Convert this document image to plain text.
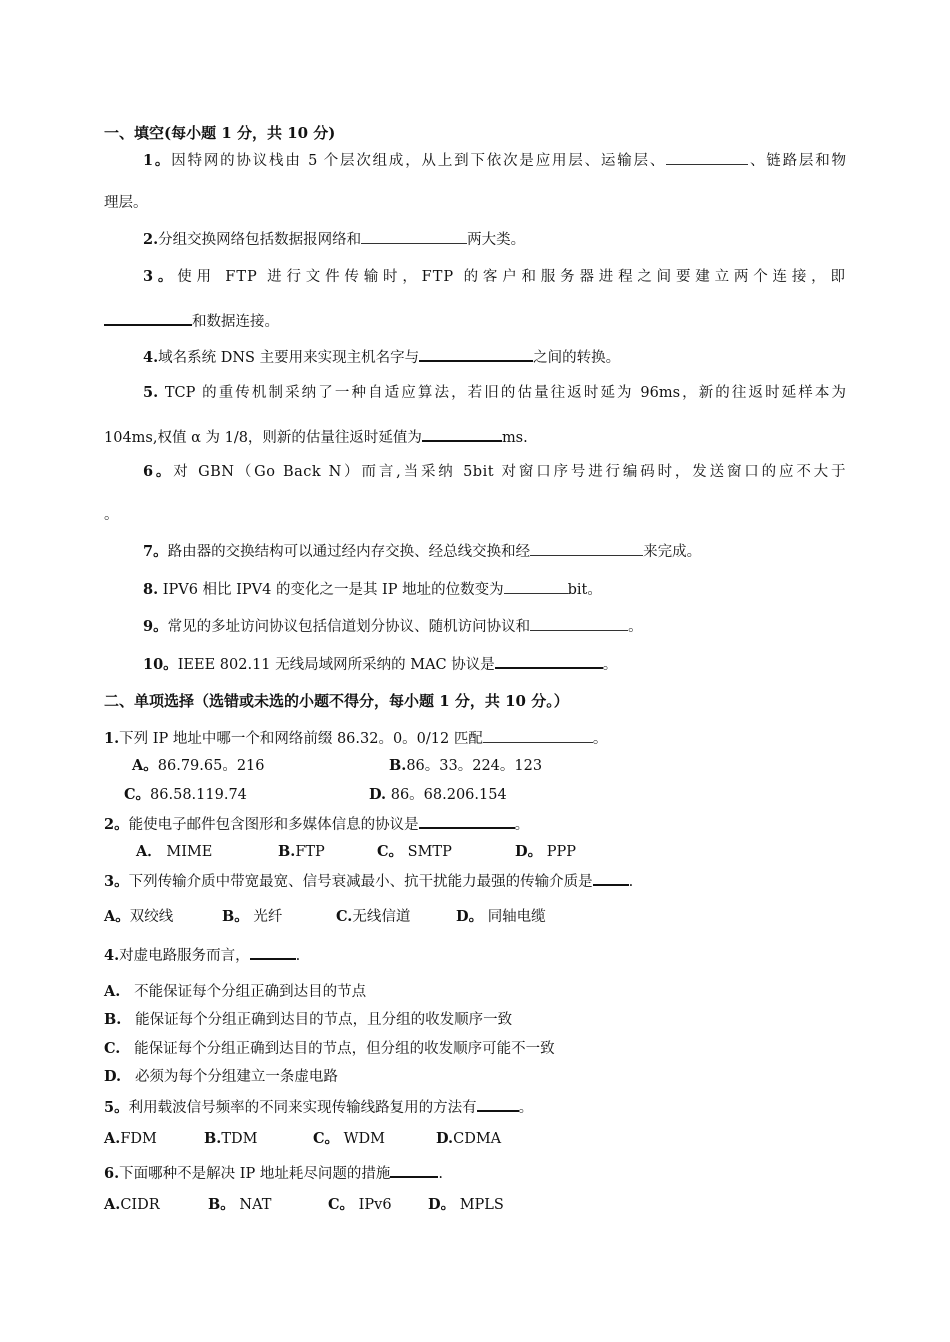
一、填空(每小题 1 分，共 10 分)
1。因特网的协议栈由 5 个层次组成，从上到下依次是应用层、运输层、	、链路层和物
理层。
2.分组交换网络包括数据报网络和	两大类。
3。使用 FTP 进行文件传输时，FTP 的客户和服务器进程之间要建立两个连接，即
和数据连接。
4.域名系统 DNS 主要用来实现主机名字与	之间的转换。
5. TCP 的重传机制采纳了一种自适应算法，若旧的估量往返时延为 96ms，新的往返时延样本为
104ms,权值 α 为 1/8，则新的估量往返时延值为	ms.
6。对 GBN（Go Back N）而言,当采纳 5bit 对窗口序号进行编码时，发送窗口的应不大于
。
7。路由器的交换结构可以通过经内存交换、经总线交换和经	来完成。
8. IPV6 相比 IPV4 的变化之一是其 IP 地址的位数变为	bit。
9。常见的多址访问协议包括信道划分协议、随机访问协议和	。
10。IEEE 802.11 无线局域网所采纳的 MAC 协议是	。
二、单项选择（选错或未选的小题不得分，每小题 1 分，共 10 分。）
1.下列 IP 地址中哪一个和网络前缀 86.32。0。0/12 匹配	。
A。86.79.65。216	B.86。33。224。123
C。86.58.119.74	D. 86。68.206.154
2。能使电子邮件包含图形和多媒体信息的协议是	。
A． MIME	B.FTP	C。 SMTP	D。 PPP
3。下列传输介质中带宽最宽、信号衰减最小、抗干扰能力最强的传输介质是 .
A。双绞线	B。 光纤	C.无线信道	D。 同轴电缆
4.对虚电路服务而言，	.
A. 不能保证每个分组正确到达目的节点
B. 能保证每个分组正确到达目的节点，且分组的收发顺序一致
C. 能保证每个分组正确到达目的节点，但分组的收发顺序可能不一致
D. 必须为每个分组建立一条虚电路
5。利用载波信号频率的不同来实现传输线路复用的方法有	。
A.FDM	B.TDM	C。 WDM	D.CDMA
6.下面哪种不是解决 IP 地址耗尽问题的措施	.
A.CIDR	B。 NAT	C。 IPv6	D。 MPLS
